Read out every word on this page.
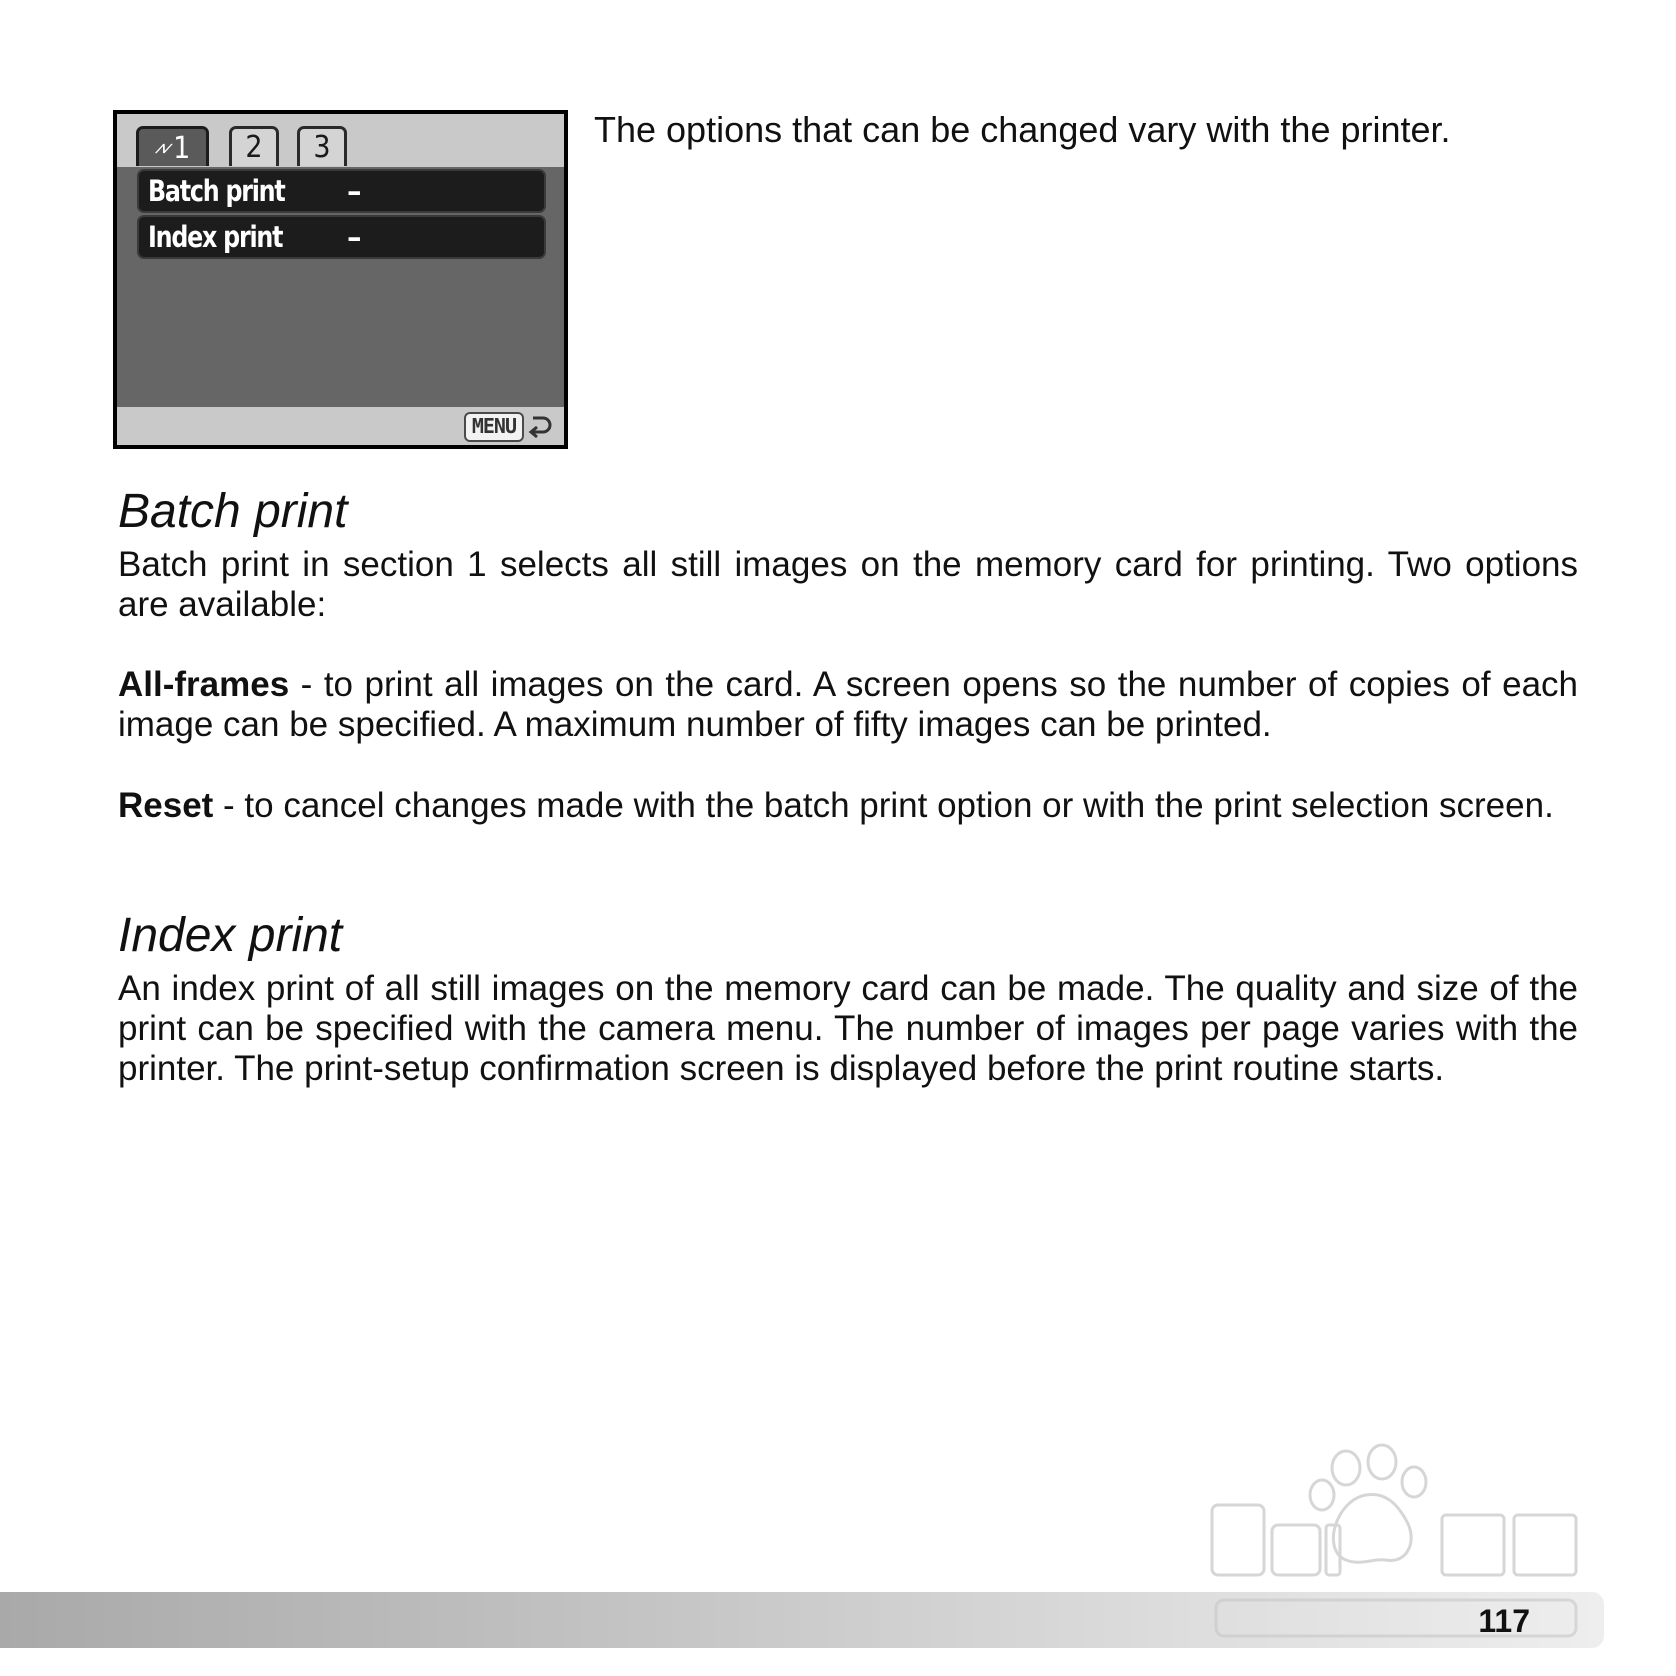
⩘⩗1	2	3
Batch print –
Index print –
MENU

The options that can be changed vary with the printer.

Batch print

Batch print in section 1 selects all still images on the memory card for printing. Two options are available:

All-frames - to print all images on the card. A screen opens so the number of copies of each image can be specified. A maximum number of fifty images can be printed.

Reset - to cancel changes made with the batch print option or with the print selection screen.

Index print

An index print of all still images on the memory card can be made. The quality and size of the print can be specified with the camera menu. The number of images per page varies with the printer. The print-setup confirmation screen is displayed before the print routine starts.

117
